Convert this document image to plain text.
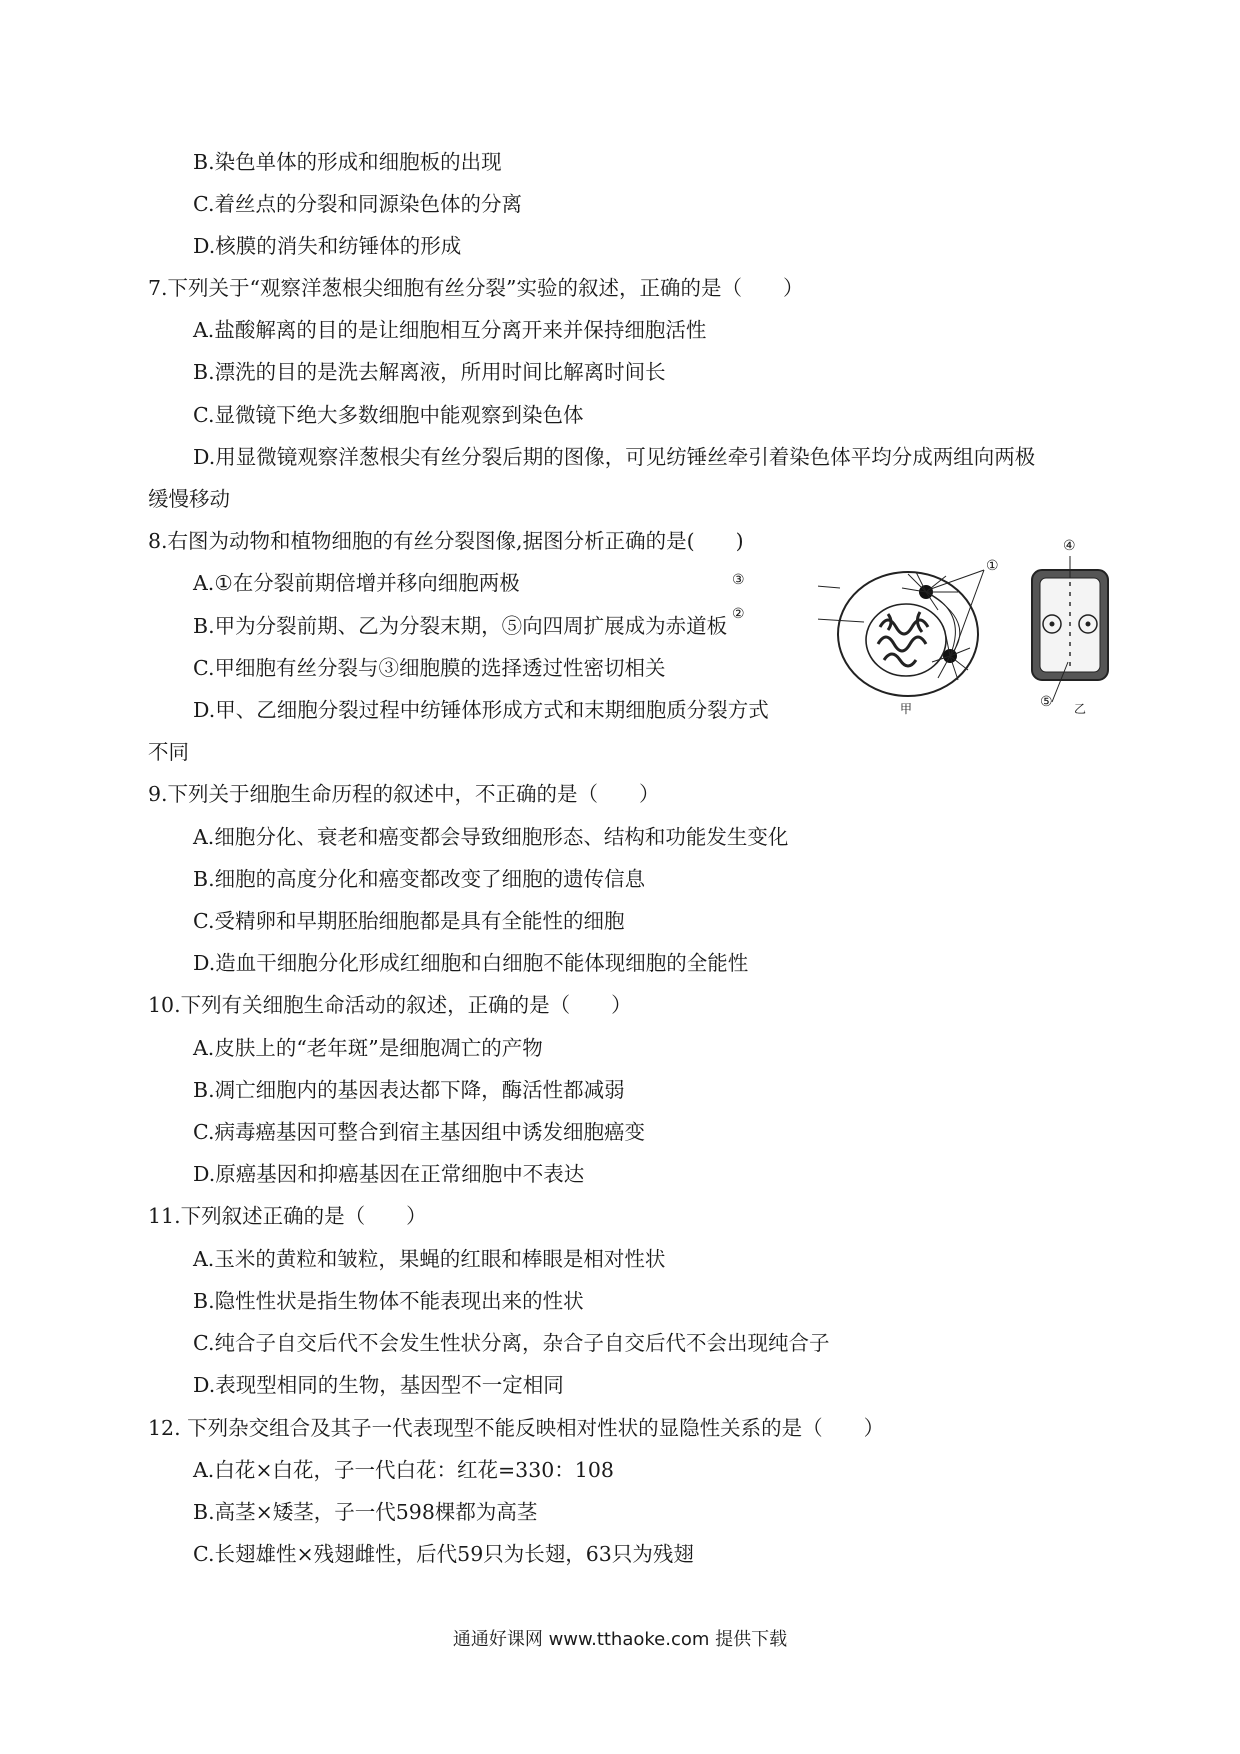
B.染色单体的形成和细胞板的出现
C.着丝点的分裂和同源染色体的分离
D.核膜的消失和纺锤体的形成
7.下列关于“观察洋葱根尖细胞有丝分裂”实验的叙述，正确的是（　　）
A.盐酸解离的目的是让细胞相互分离开来并保持细胞活性
B.漂洗的目的是洗去解离液，所用时间比解离时间长
C.显微镜下绝大多数细胞中能观察到染色体
D.用显微镜观察洋葱根尖有丝分裂后期的图像，可见纺锤丝牵引着染色体平均分成两组向两极
缓慢移动
8.右图为动物和植物细胞的有丝分裂图像,据图分析正确的是(　　)
A.①在分裂前期倍增并移向细胞两极
B.甲为分裂前期、乙为分裂末期，⑤向四周扩展成为赤道板
C.甲细胞有丝分裂与③细胞膜的选择透过性密切相关
D.甲、乙细胞分裂过程中纺锤体形成方式和末期细胞质分裂方式
不同
9.下列关于细胞生命历程的叙述中，不正确的是（　　）
A.细胞分化、衰老和癌变都会导致细胞形态、结构和功能发生变化
B.细胞的高度分化和癌变都改变了细胞的遗传信息
C.受精卵和早期胚胎细胞都是具有全能性的细胞
D.造血干细胞分化形成红细胞和白细胞不能体现细胞的全能性
10.下列有关细胞生命活动的叙述，正确的是（　　）
A.皮肤上的“老年斑”是细胞凋亡的产物
B.凋亡细胞内的基因表达都下降，酶活性都减弱
C.病毒癌基因可整合到宿主基因组中诱发细胞癌变
D.原癌基因和抑癌基因在正常细胞中不表达
11.下列叙述正确的是（　　）
A.玉米的黄粒和皱粒，果蝇的红眼和棒眼是相对性状
B.隐性性状是指生物体不能表现出来的性状
C.纯合子自交后代不会发生性状分离，杂合子自交后代不会出现纯合子
D.表现型相同的生物，基因型不一定相同
12. 下列杂交组合及其子一代表现型不能反映相对性状的显隐性关系的是（　　）
A.白花×白花，子一代白花：红花=330：108
B.高茎×矮茎，子一代598棵都为高茎
C.长翅雄性×残翅雌性，后代59只为长翅，63只为残翅
①
②
③
④
⑤
甲	乙
通通好课网 www.tthaoke.com 提供下载
